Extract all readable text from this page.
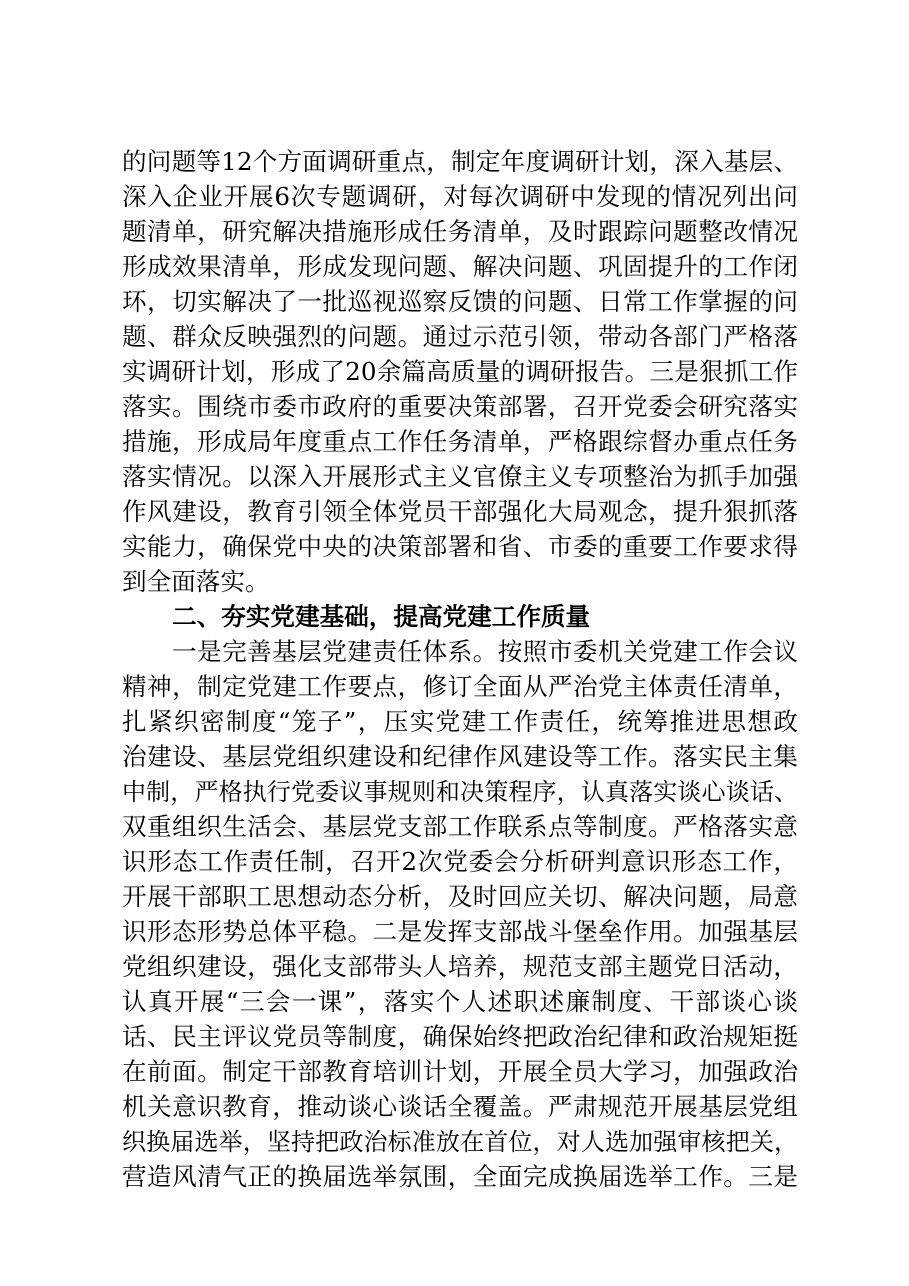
的问题等12个方面调研重点，制定年度调研计划，深入基层、
深入企业开展6次专题调研，对每次调研中发现的情况列出问
题清单，研究解决措施形成任务清单，及时跟踪问题整改情况
形成效果清单，形成发现问题、解决问题、巩固提升的工作闭
环，切实解决了一批巡视巡察反馈的问题、日常工作掌握的问
题、群众反映强烈的问题。通过示范引领，带动各部门严格落
实调研计划，形成了20余篇高质量的调研报告。三是狠抓工作
落实。围绕市委市政府的重要决策部署，召开党委会研究落实
措施，形成局年度重点工作任务清单，严格跟综督办重点任务
落实情况。以深入开展形式主义官僚主义专项整治为抓手加强
作风建设，教育引领全体党员干部强化大局观念，提升狠抓落
实能力，确保党中央的决策部署和省、市委的重要工作要求得
到全面落实。
二、夯实党建基础，提高党建工作质量
一是完善基层党建责任体系。按照市委机关党建工作会议
精神，制定党建工作要点，修订全面从严治党主体责任清单，
扎紧织密制度“笼子”，压实党建工作责任，统筹推进思想政
治建设、基层党组织建设和纪律作风建设等工作。落实民主集
中制，严格执行党委议事规则和决策程序，认真落实谈心谈话、
双重组织生活会、基层党支部工作联系点等制度。严格落实意
识形态工作责任制，召开2次党委会分析研判意识形态工作，
开展干部职工思想动态分析，及时回应关切、解决问题，局意
识形态形势总体平稳。二是发挥支部战斗堡垒作用。加强基层
党组织建设，强化支部带头人培养，规范支部主题党日活动，
认真开展“三会一课”，落实个人述职述廉制度、干部谈心谈
话、民主评议党员等制度，确保始终把政治纪律和政治规矩挺
在前面。制定干部教育培训计划，开展全员大学习，加强政治
机关意识教育，推动谈心谈话全覆盖。严肃规范开展基层党组
织换届选举，坚持把政治标准放在首位，对人选加强审核把关，
营造风清气正的换届选举氛围，全面完成换届选举工作。三是
